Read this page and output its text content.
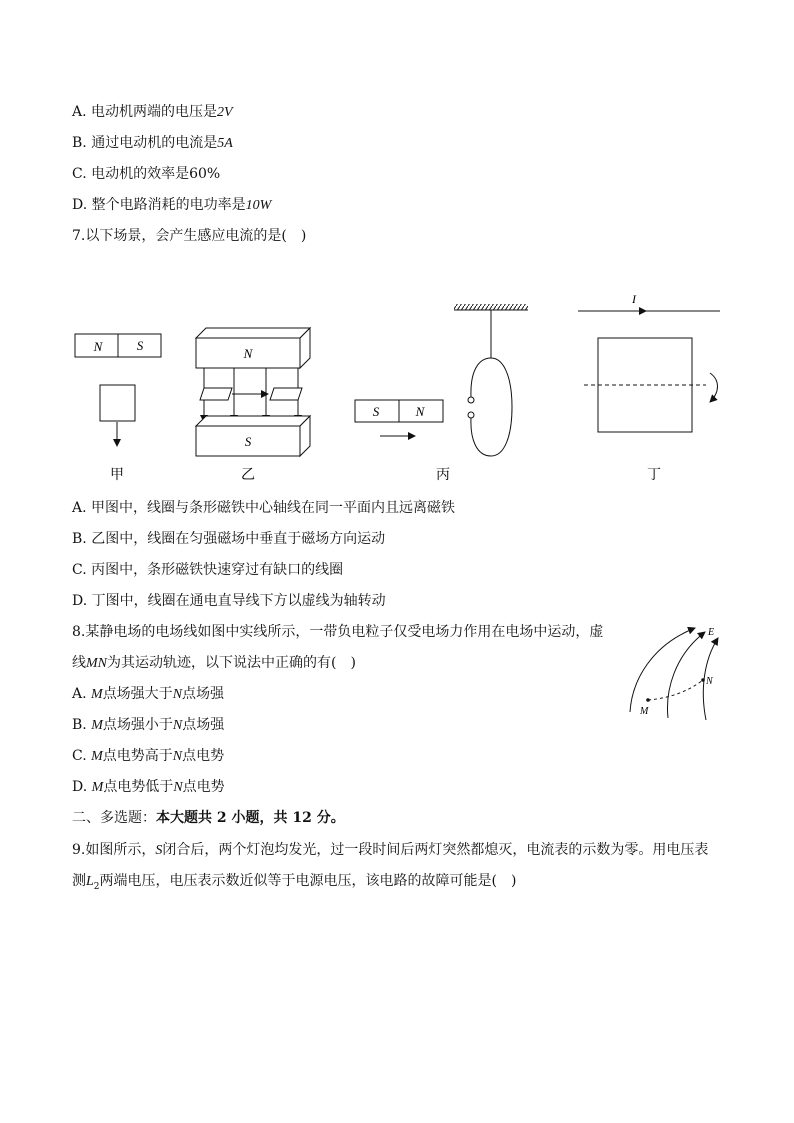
A. 电动机两端的电压是2V
B. 通过电动机的电流是5A
C. 电动机的效率是60%
D. 整个电路消耗的电功率是10W
7.以下场景，会产生感应电流的是(　)
N	S
甲
N
S
乙
S	N
丙
I
丁
A. 甲图中，线圈与条形磁铁中心轴线在同一平面内且远离磁铁
B. 乙图中，线圈在匀强磁场中垂直于磁场方向运动
C. 丙图中，条形磁铁快速穿过有缺口的线圈
D. 丁图中，线圈在通电直导线下方以虚线为轴转动
8.某静电场的电场线如图中实线所示，一带负电粒子仅受电场力作用在电场中运动，虚
线MN为其运动轨迹，以下说法中正确的有(　)
E
N
M
A. M点场强大于N点场强
B. M点场强小于N点场强
C. M点电势高于N点电势
D. M点电势低于N点电势
二、多选题：本大题共 2 小题，共 12 分。
9.如图所示，S闭合后，两个灯泡均发光，过一段时间后两灯突然都熄灭，电流表的示数为零。用电压表
测$L_2$两端电压，电压表示数近似等于电源电压，该电路的故障可能是(　)
